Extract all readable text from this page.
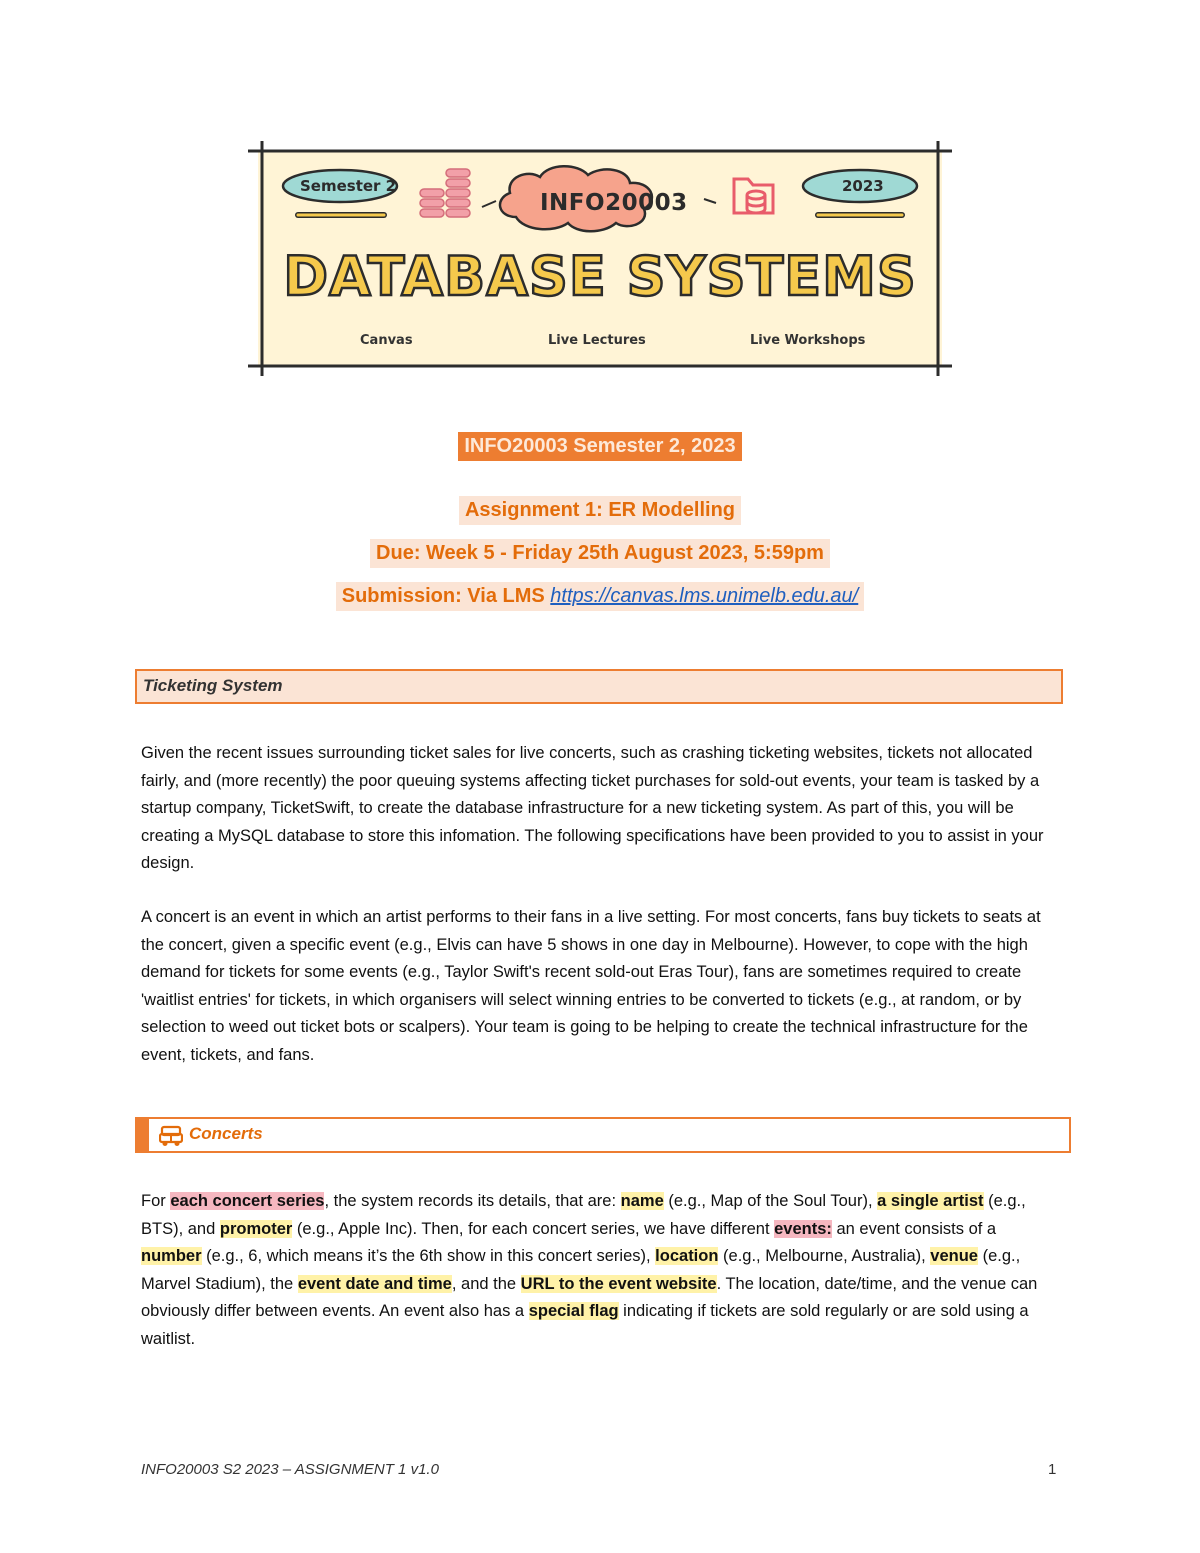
Semester 2	2023
INFO20003
DATABASE SYSTEMS
Canvas	Live Lectures	Live Workshops
INFO20003 Semester 2, 2023
Assignment 1: ER Modelling
Due: Week 5 - Friday 25th August 2023, 5:59pm
Submission: Via LMS https://canvas.lms.unimelb.edu.au/
Ticketing System
Given the recent issues surrounding ticket sales for live concerts, such as crashing ticketing websites, tickets not allocated fairly, and (more recently) the poor queuing systems affecting ticket purchases for sold-out events, your team is tasked by a startup company, TicketSwift, to create the database infrastructure for a new ticketing system. As part of this, you will be creating a MySQL database to store this infomation. The following specifications have been provided to you to assist in your design.
A concert is an event in which an artist performs to their fans in a live setting. For most concerts, fans buy tickets to seats at the concert, given a specific event (e.g., Elvis can have 5 shows in one day in Melbourne). However, to cope with the high demand for tickets for some events (e.g., Taylor Swift's recent sold-out Eras Tour), fans are sometimes required to create 'waitlist entries' for tickets, in which organisers will select winning entries to be converted to tickets (e.g., at random, or by selection to weed out ticket bots or scalpers). Your team is going to be helping to create the technical infrastructure for the event, tickets, and fans.
Concerts
For each concert series, the system records its details, that are: name (e.g., Map of the Soul Tour), a single artist (e.g., BTS), and promoter (e.g., Apple Inc). Then, for each concert series, we have different events: an event consists of a number (e.g., 6, which means it’s the 6th show in this concert series), location (e.g., Melbourne, Australia), venue (e.g., Marvel Stadium), the event date and time, and the URL to the event website. The location, date/time, and the venue can obviously differ between events. An event also has a special flag indicating if tickets are sold regularly or are sold using a waitlist.
INFO20003 S2 2023 – ASSIGNMENT 1 v1.0	1
